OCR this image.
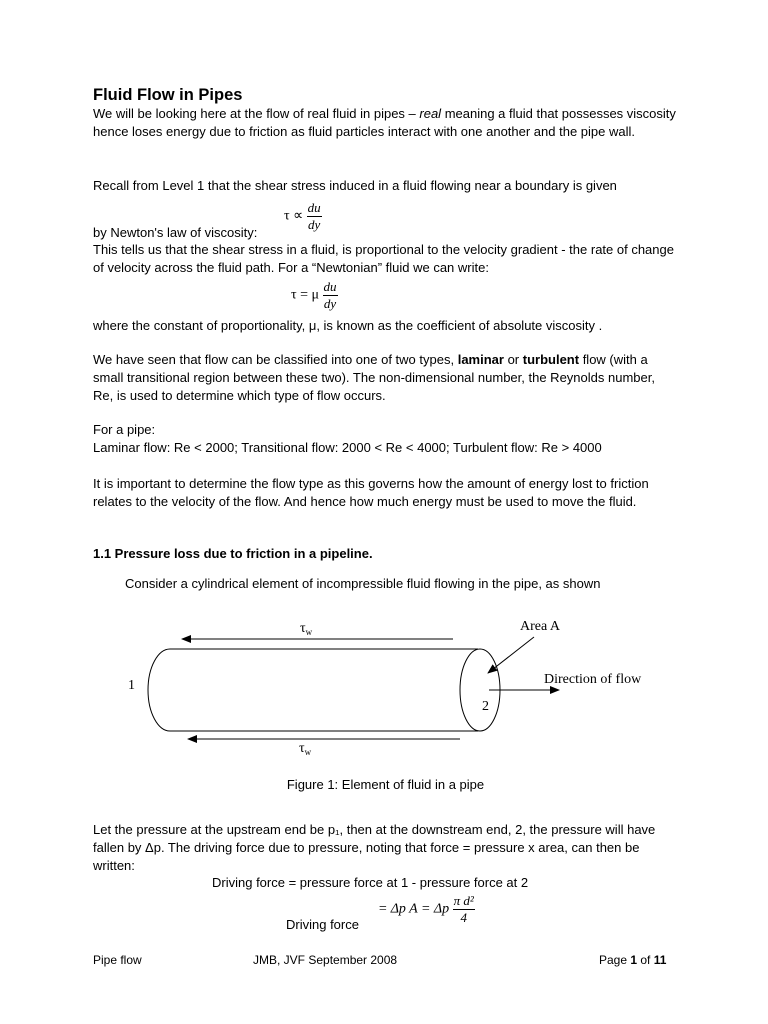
Fluid Flow in Pipes
We will be looking here at the flow of real fluid in pipes – real meaning a fluid that possesses viscosity hence loses energy due to friction as fluid particles interact with one another and the pipe wall.
Recall from Level 1 that the shear stress induced in a fluid flowing near a boundary is given
$\tau \propto \frac{du}{dy}$
by Newton's law of viscosity:
This tells us that the shear stress in a fluid, is proportional to the velocity gradient - the rate of change of velocity across the fluid path. For a “Newtonian” fluid we can write:
τ = μ $\frac{du}{dy}$
where the constant of proportionality, μ, is known as the coefficient of absolute viscosity .
We have seen that flow can be classified into one of two types, laminar or turbulent flow (with a small transitional region between these two). The non-dimensional number, the Reynolds number, Re, is used to determine which type of flow occurs.
For a pipe:
Laminar flow: Re < 2000; Transitional flow: 2000 < Re < 4000; Turbulent flow: Re > 4000
It is important to determine the flow type as this governs how the amount of energy lost to friction relates to the velocity of the flow. And hence how much energy must be used to move the fluid.
1.1 Pressure loss due to friction in a pipeline.
Consider a cylindrical element of incompressible fluid flowing in the pipe, as shown
$\tau_w$
$\tau_w$
Area A
Direction of flow
1
2
Figure 1: Element of fluid in a pipe
Let the pressure at the upstream end be p₁, then at the downstream end, 2, the pressure will have fallen by Δp. The driving force due to pressure, noting that force = pressure x area, can then be written:
Driving force = pressure force at 1 - pressure force at 2
= Δp A = Δp $\frac{\text{π d²}}{4}$
Driving force
Pipe flow	JMB, JVF September 2008	Page 1 of 11
